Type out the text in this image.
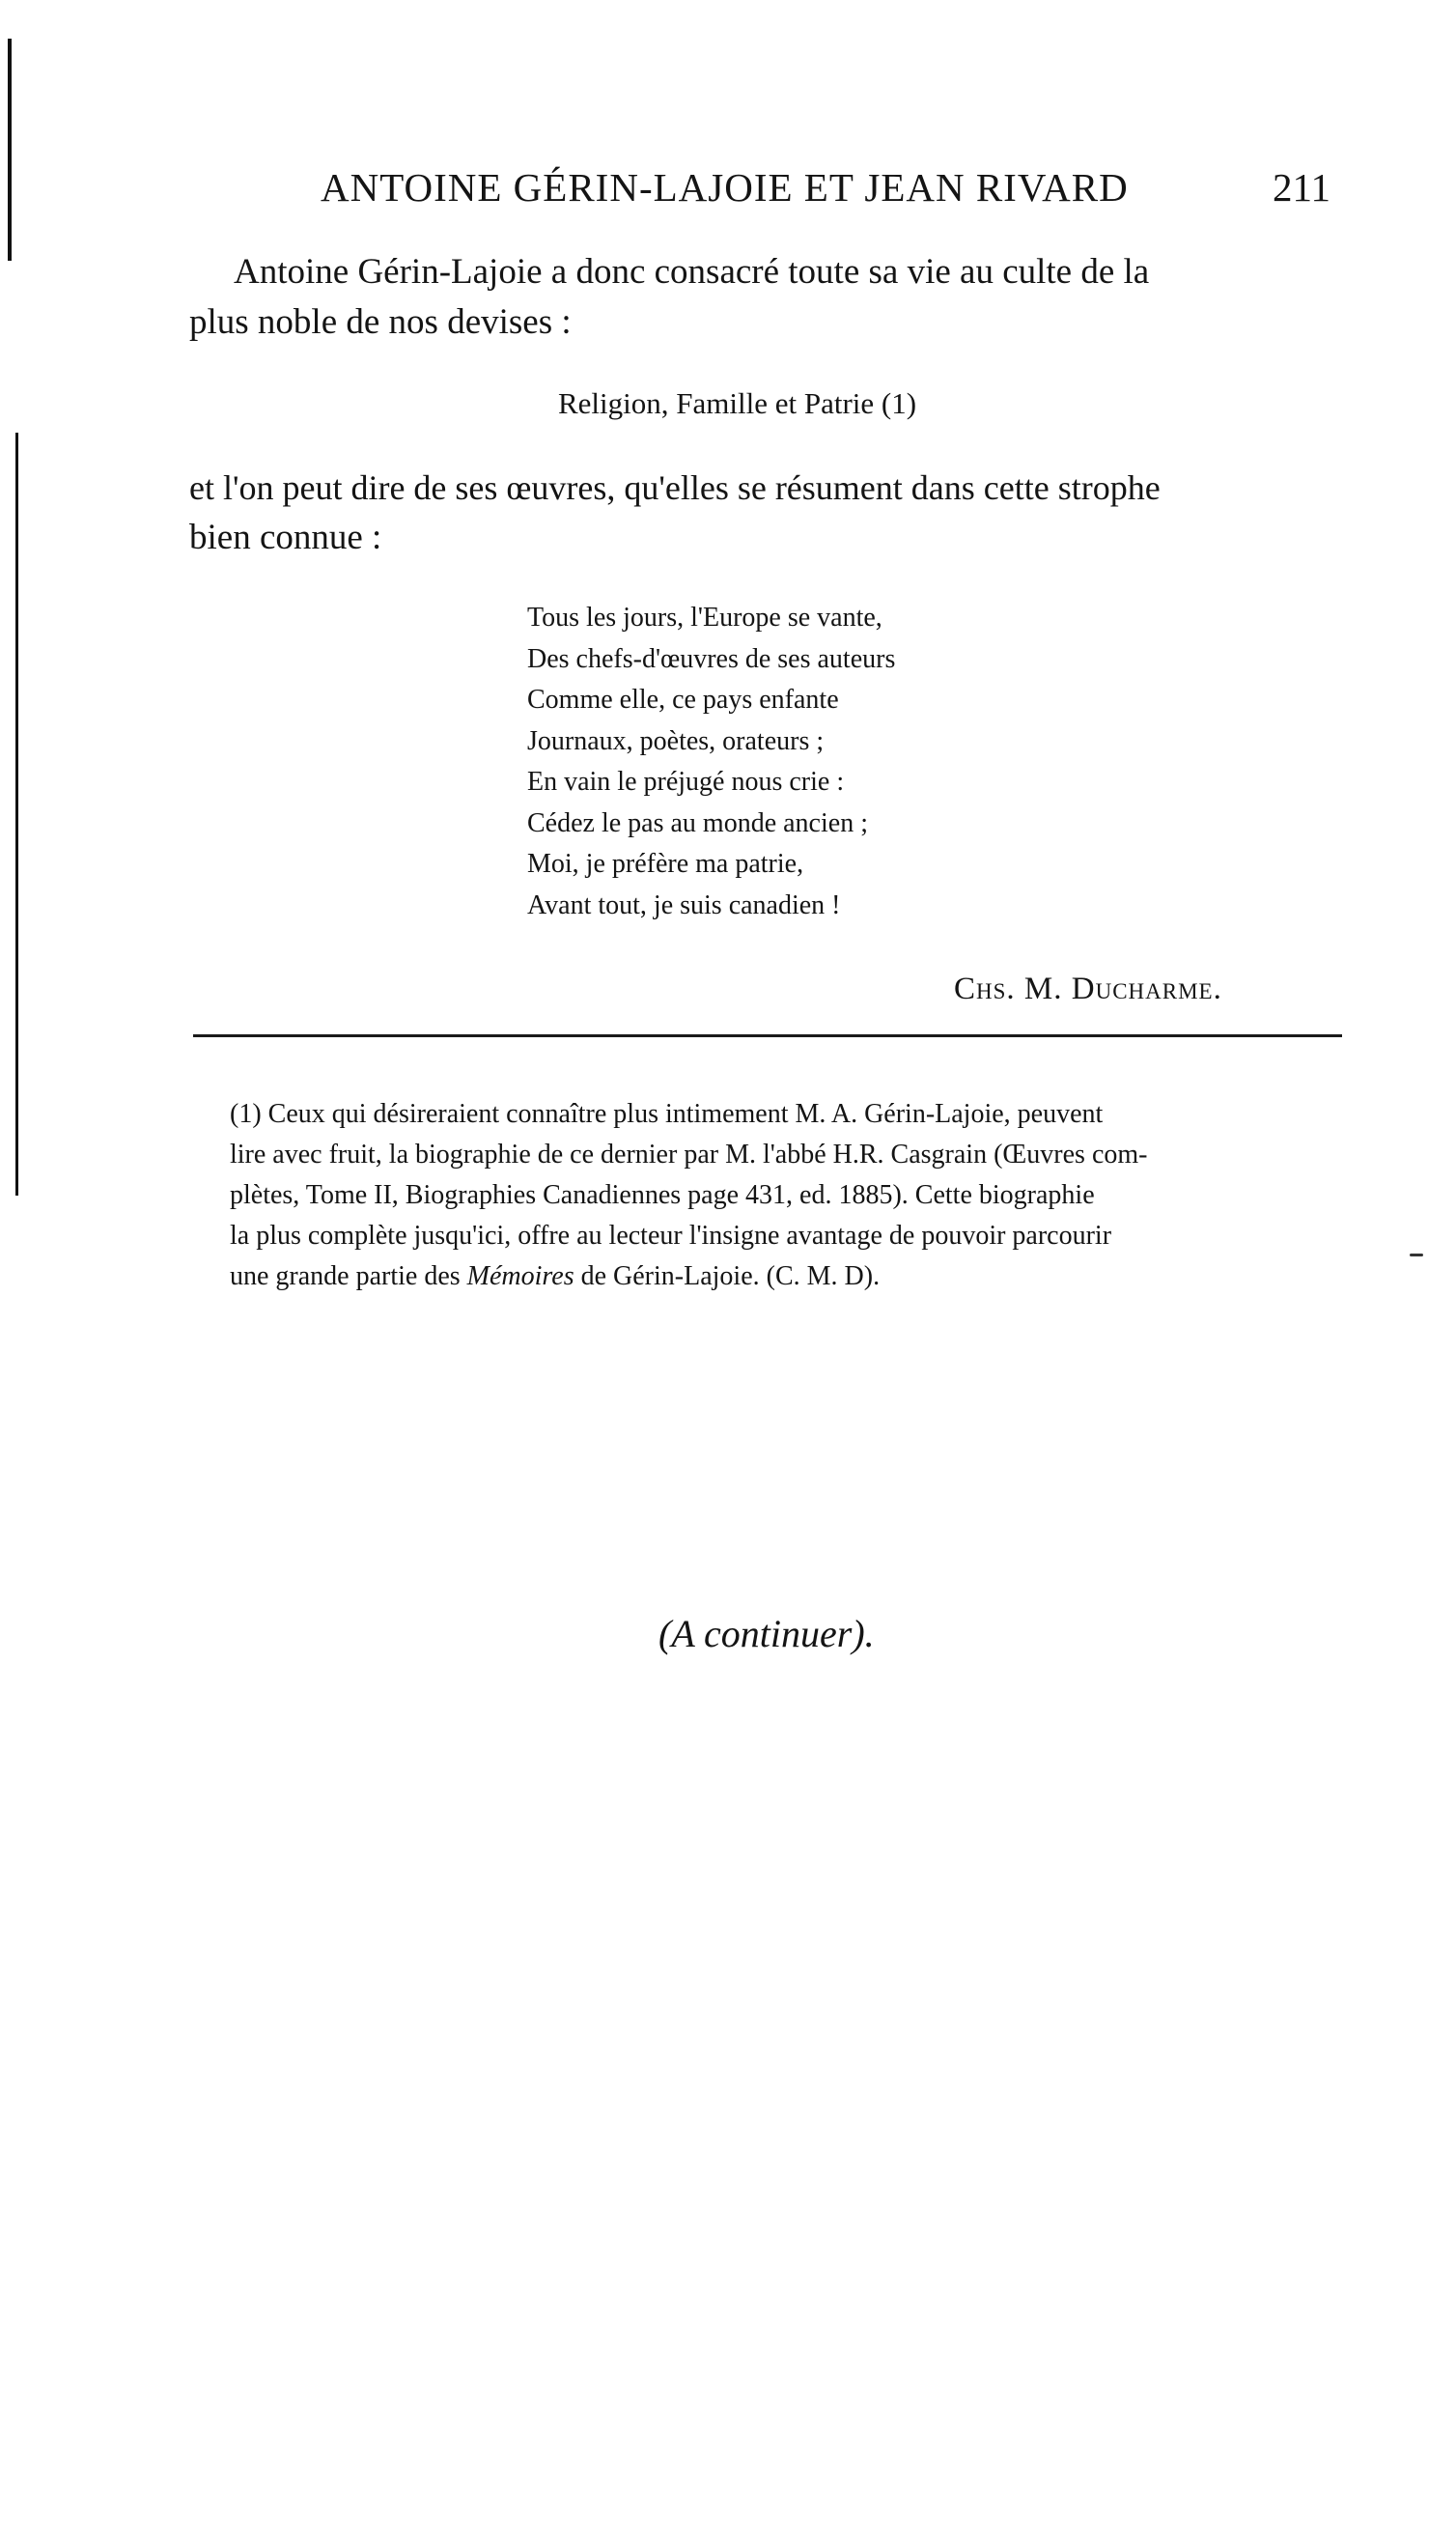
ANTOINE GÉRIN-LAJOIE ET JEAN RIVARD	211
Antoine Gérin-Lajoie a donc consacré toute sa vie au culte de la
plus noble de nos devises :
Religion, Famille et Patrie (1)
et l'on peut dire de ses œuvres, qu'elles se résument dans cette strophe
bien connue :
Tous les jours, l'Europe se vante,
Des chefs-d'œuvres de ses auteurs
Comme elle, ce pays enfante
Journaux, poètes, orateurs ;
En vain le préjugé nous crie :
Cédez le pas au monde ancien ;
Moi, je préfère ma patrie,
Avant tout, je suis canadien !
Chs. M. Ducharme.
(1) Ceux qui désireraient connaître plus intimement M. A. Gérin-Lajoie, peuvent
lire avec fruit, la biographie de ce dernier par M. l'abbé H.R. Casgrain (Œuvres com-
plètes, Tome II, Biographies Canadiennes page 431, ed. 1885). Cette biographie
la plus complète jusqu'ici, offre au lecteur l'insigne avantage de pouvoir parcourir
une grande partie des Mémoires de Gérin-Lajoie. (C. M. D).
(A continuer).
